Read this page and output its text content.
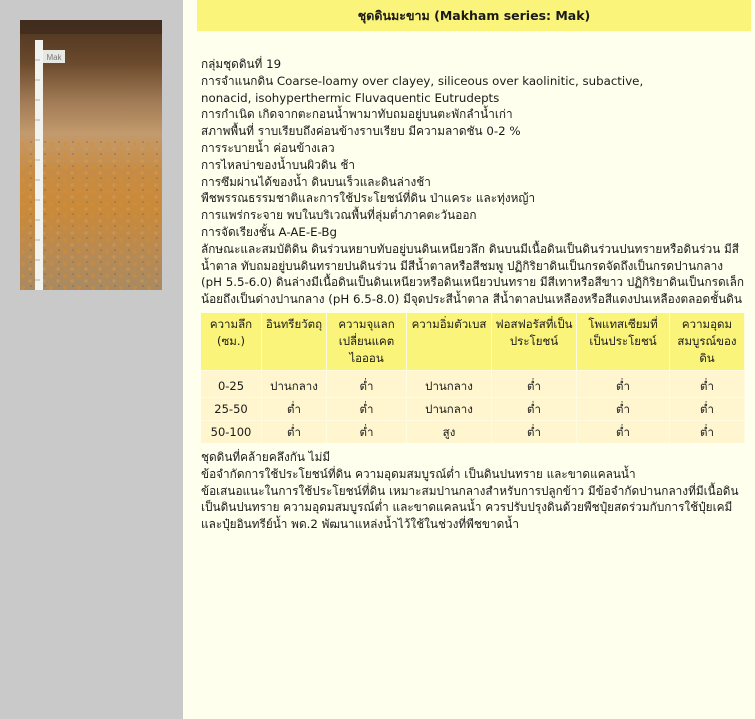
Mak
ชุดดินมะขาม (Makham series: Mak)
กลุ่มชุดดินที่ 19
การจำแนกดิน Coarse-loamy over clayey, siliceous over kaolinitic, subactive,
nonacid, isohyperthermic Fluvaquentic Eutrudepts
การกำเนิด เกิดจากตะกอนน้ำพามาทับถมอยู่บนตะพักลำน้ำเก่า
สภาพพื้นที่ ราบเรียบถึงค่อนข้างราบเรียบ มีความลาดชัน 0-2 %
การระบายน้ำ ค่อนข้างเลว
การไหลบ่าของน้ำบนผิวดิน ช้า
การซึมผ่านได้ของน้ำ ดินบนเร็วและดินล่างช้า
พืชพรรณธรรมชาติและการใช้ประโยชน์ที่ดิน ป่าแคระ และทุ่งหญ้า
การแพร่กระจาย พบในบริเวณพื้นที่ลุ่มต่ำภาคตะวันออก
การจัดเรียงชั้น A-AE-E-Bg
ลักษณะและสมบัติดิน ดินร่วนหยาบทับอยู่บนดินเหนียวลึก ดินบนมีเนื้อดินเป็นดินร่วนปนทรายหรือดินร่วน มีสีน้ำตาล ทับถมอยู่บนดินทรายปนดินร่วน มีสีน้ำตาลหรือสีชมพู ปฏิกิริยาดินเป็นกรดจัดถึงเป็นกรดปานกลาง (pH 5.5-6.0) ดินล่างมีเนื้อดินเป็นดินเหนียวหรือดินเหนียวปนทราย มีสีเทาหรือสีขาว ปฏิกิริยาดินเป็นกรดเล็กน้อยถึงเป็นด่างปานกลาง (pH 6.5-8.0) มีจุดประสีน้ำตาล สีน้ำตาลปนเหลืองหรือสีแดงปนเหลืองตลอดชั้นดิน
ความลึก (ซม.)	อินทรียวัตถุ	ความจุแลกเปลี่ยนแคตไอออน	ความอิ่มตัวเบส	ฟอสฟอรัสที่เป็นประโยชน์	โพแทสเซียมที่เป็นประโยชน์	ความอุดมสมบูรณ์ของดิน
0-25	ปานกลาง	ต่ำ	ปานกลาง	ต่ำ	ต่ำ	ต่ำ
25-50	ต่ำ	ต่ำ	ปานกลาง	ต่ำ	ต่ำ	ต่ำ
50-100	ต่ำ	ต่ำ	สูง	ต่ำ	ต่ำ	ต่ำ
ชุดดินที่คล้ายคลึงกัน ไม่มี
ข้อจำกัดการใช้ประโยชน์ที่ดิน ความอุดมสมบูรณ์ต่ำ เป็นดินปนทราย และขาดแคลนน้ำ
ข้อเสนอแนะในการใช้ประโยชน์ที่ดิน เหมาะสมปานกลางสำหรับการปลูกข้าว มีข้อจำกัดปานกลางที่มีเนื้อดินเป็นดินปนทราย ความอุดมสมบูรณ์ต่ำ และขาดแคลนน้ำ ควรปรับปรุงดินด้วยพืชปุ๋ยสดร่วมกับการใช้ปุ๋ยเคมีและปุ๋ยอินทรีย์น้ำ พด.2 พัฒนาแหล่งน้ำไว้ใช้ในช่วงที่พืชขาดน้ำ
